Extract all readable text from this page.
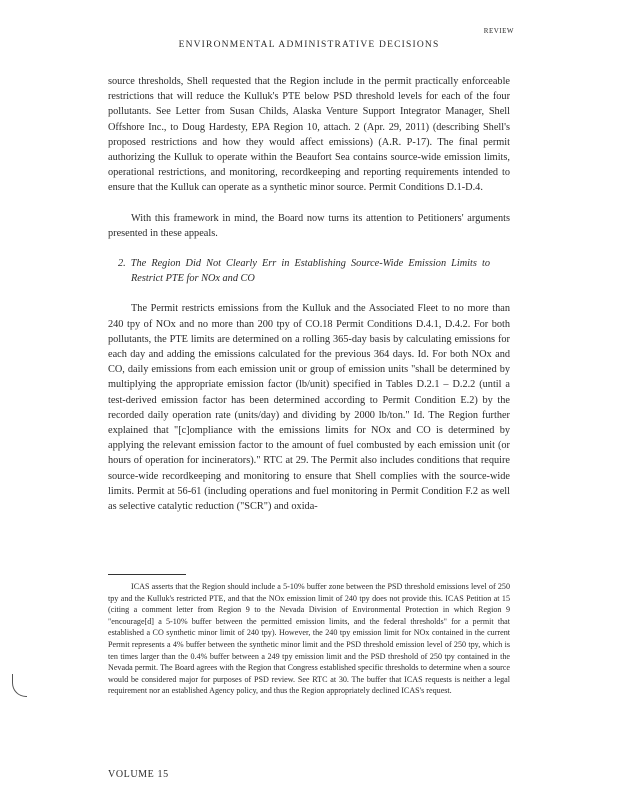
REVIEW
ENVIRONMENTAL ADMINISTRATIVE DECISIONS

source thresholds, Shell requested that the Region include in the permit practically enforceable restrictions that will reduce the Kulluk's PTE below PSD threshold levels for each of the four pollutants. See Letter from Susan Childs, Alaska Venture Support Integrator Manager, Shell Offshore Inc., to Doug Hardesty, EPA Region 10, attach. 2 (Apr. 29, 2011) (describing Shell's proposed restrictions and how they would affect emissions) (A.R. P-17). The final permit authorizing the Kulluk to operate within the Beaufort Sea contains source-wide emission limits, operational restrictions, and monitoring, recordkeeping and reporting requirements intended to ensure that the Kulluk can operate as a synthetic minor source. Permit Conditions D.1-D.4.

With this framework in mind, the Board now turns its attention to Petitioners' arguments presented in these appeals.

2. The Region Did Not Clearly Err in Establishing Source-Wide Emission Limits to Restrict PTE for NOx and CO

The Permit restricts emissions from the Kulluk and the Associated Fleet to no more than 240 tpy of NOx and no more than 200 tpy of CO.18 Permit Conditions D.4.1, D.4.2. For both pollutants, the PTE limits are determined on a rolling 365-day basis by calculating emissions for each day and adding the emissions calculated for the previous 364 days. Id. For both NOx and CO, daily emissions from each emission unit or group of emission units "shall be determined by multiplying the appropriate emission factor (lb/unit) specified in Tables D.2.1 – D.2.2 (until a test-derived emission factor has been determined according to Permit Condition E.2) by the recorded daily operation rate (units/day) and dividing by 2000 lb/ton." Id. The Region further explained that "[c]ompliance with the emissions limits for NOx and CO is determined by applying the relevant emission factor to the amount of fuel combusted by each emission unit (or hours of operation for incinerators)." RTC at 29. The Permit also includes conditions that require source-wide recordkeeping and monitoring to ensure that Shell complies with the source-wide limits. Permit at 56-61 (including operations and fuel monitoring in Permit Condition F.2 as well as selective catalytic reduction ("SCR") and oxida-

ICAS asserts that the Region should include a 5-10% buffer zone between the PSD threshold emissions level of 250 tpy and the Kulluk's restricted PTE, and that the NOx emission limit of 240 tpy does not provide this. ICAS Petition at 15 (citing a comment letter from Region 9 to the Nevada Division of Environmental Protection in which Region 9 "encourage[d] a 5-10% buffer between the permitted emission limits, and the federal thresholds" for a permit that established a CO synthetic minor limit of 240 tpy). However, the 240 tpy emission limit for NOx contained in the current Permit represents a 4% buffer between the synthetic minor limit and the PSD threshold emission level of 250 tpy, which is ten times larger than the 0.4% buffer between a 249 tpy emission limit and the PSD threshold of 250 tpy contained in the Nevada permit. The Board agrees with the Region that Congress established specific thresholds to determine when a source would be considered major for purposes of PSD review. See RTC at 30. The buffer that ICAS requests is neither a legal requirement nor an established Agency policy, and thus the Region appropriately declined ICAS's request.

VOLUME 15
